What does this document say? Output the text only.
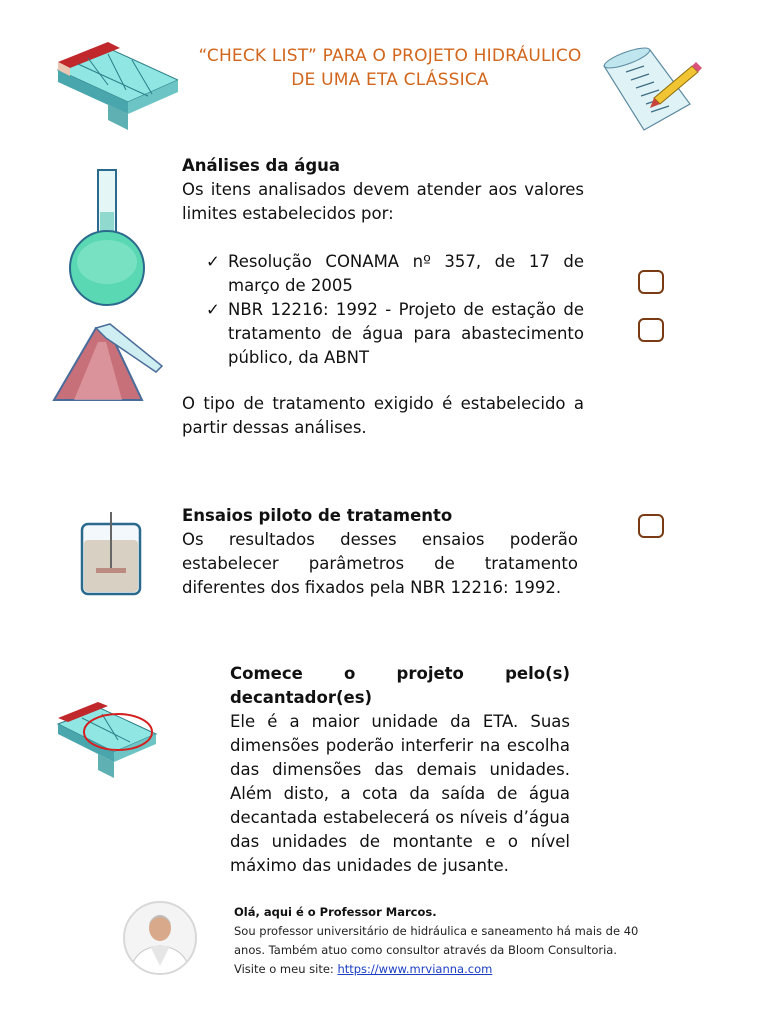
“CHECK LIST” PARA O PROJETO HIDRÁULICO
DE UMA ETA CLÁSSICA
Análises da água
Os itens analisados devem atender aos valores limites estabelecidos por:
✓ Resolução CONAMA nº 357, de 17 de março de 2005
✓ NBR 12216: 1992 - Projeto de estação de tratamento de água para abastecimento público, da ABNT
O tipo de tratamento exigido é estabelecido a partir dessas análises.
Ensaios piloto de tratamento
Os resultados desses ensaios poderão estabelecer parâmetros de tratamento diferentes dos fixados pela NBR 12216: 1992.
Comece o projeto pelo(s) decantador(es)
Ele é a maior unidade da ETA. Suas dimensões poderão interferir na escolha das dimensões das demais unidades. Além disto, a cota da saída de água decantada estabelecerá os níveis d’água das unidades de montante e o nível máximo das unidades de jusante.
Olá, aqui é o Professor Marcos.
Sou professor universitário de hidráulica e saneamento há mais de 40 anos. Também atuo como consultor através da Bloom Consultoria. Visite o meu site: https://www.mrvianna.com
